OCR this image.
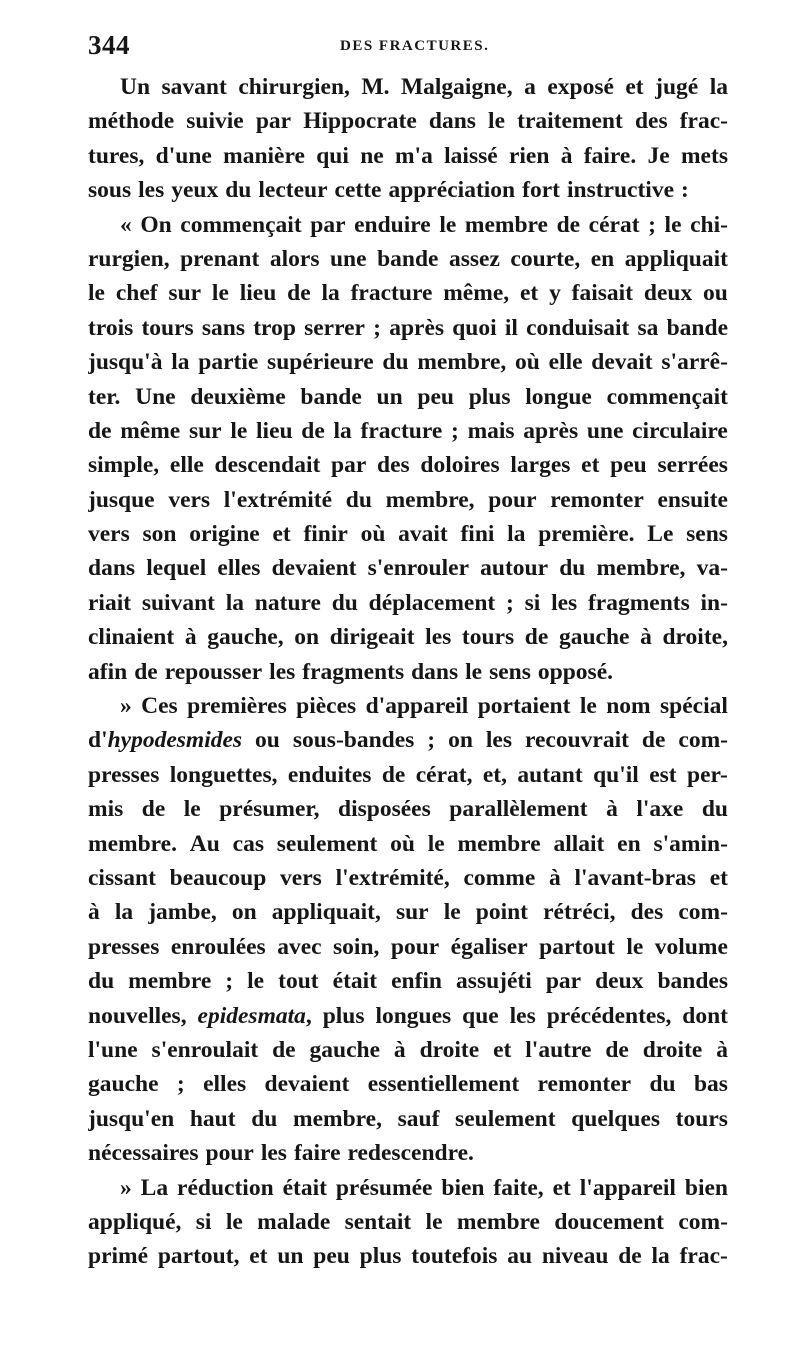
344	DES FRACTURES.
Un savant chirurgien, M. Malgaigne, a exposé et jugé la
méthode suivie par Hippocrate dans le traitement des frac-
tures, d'une manière qui ne m'a laissé rien à faire. Je mets
sous les yeux du lecteur cette appréciation fort instructive :
« On commençait par enduire le membre de cérat ; le chi-
rurgien, prenant alors une bande assez courte, en appliquait
le chef sur le lieu de la fracture même, et y faisait deux ou
trois tours sans trop serrer ; après quoi il conduisait sa bande
jusqu'à la partie supérieure du membre, où elle devait s'arrê-
ter. Une deuxième bande un peu plus longue commençait
de même sur le lieu de la fracture ; mais après une circulaire
simple, elle descendait par des doloires larges et peu serrées
jusque vers l'extrémité du membre, pour remonter ensuite
vers son origine et finir où avait fini la première. Le sens
dans lequel elles devaient s'enrouler autour du membre, va-
riait suivant la nature du déplacement ; si les fragments in-
clinaient à gauche, on dirigeait les tours de gauche à droite,
afin de repousser les fragments dans le sens opposé.
» Ces premières pièces d'appareil portaient le nom spécial
d'hypodesmides ou sous-bandes ; on les recouvrait de com-
presses longuettes, enduites de cérat, et, autant qu'il est per-
mis de le présumer, disposées parallèlement à l'axe du
membre. Au cas seulement où le membre allait en s'amin-
cissant beaucoup vers l'extrémité, comme à l'avant-bras et
à la jambe, on appliquait, sur le point rétréci, des com-
presses enroulées avec soin, pour égaliser partout le volume
du membre ; le tout était enfin assujéti par deux bandes
nouvelles, epidesmata, plus longues que les précédentes, dont
l'une s'enroulait de gauche à droite et l'autre de droite à
gauche ; elles devaient essentiellement remonter du bas
jusqu'en haut du membre, sauf seulement quelques tours
nécessaires pour les faire redescendre.
» La réduction était présumée bien faite, et l'appareil bien
appliqué, si le malade sentait le membre doucement com-
primé partout, et un peu plus toutefois au niveau de la frac-
